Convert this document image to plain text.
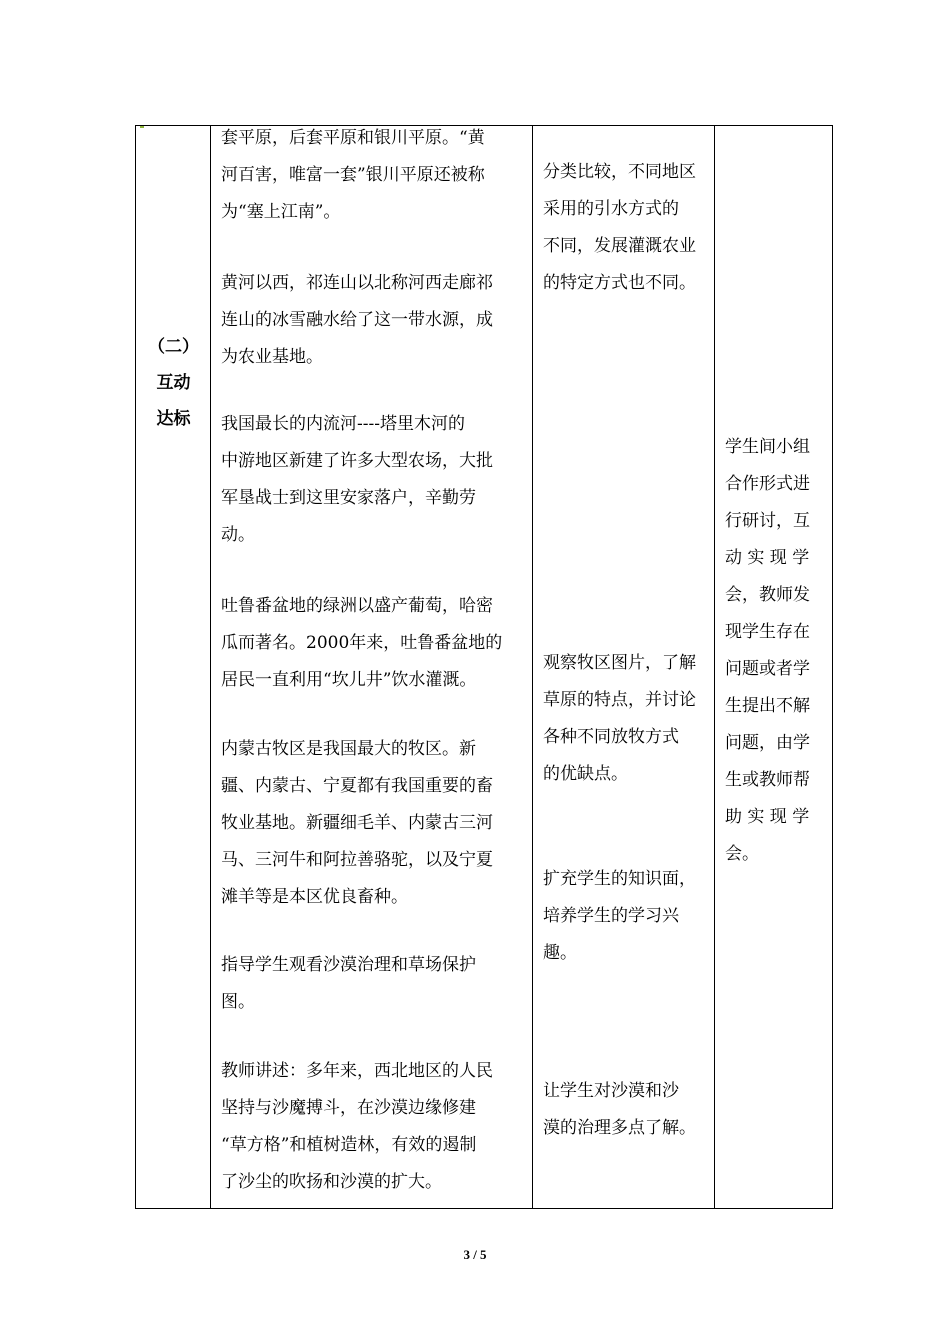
（二）
互动
达标
套平原，后套平原和银川平原。“黄
河百害，唯富一套”银川平原还被称
为“塞上江南”。
黄河以西，祁连山以北称河西走廊祁
连山的冰雪融水给了这一带水源，成
为农业基地。
我国最长的内流河----塔里木河的
中游地区新建了许多大型农场，大批
军垦战士到这里安家落户，辛勤劳
动。
吐鲁番盆地的绿洲以盛产葡萄，哈密
瓜而著名。2000年来，吐鲁番盆地的
居民一直利用“坎儿井”饮水灌溉。
内蒙古牧区是我国最大的牧区。新
疆、内蒙古、宁夏都有我国重要的畜
牧业基地。新疆细毛羊、内蒙古三河
马、三河牛和阿拉善骆驼，以及宁夏
滩羊等是本区优良畜种。
指导学生观看沙漠治理和草场保护
图。
教师讲述：多年来，西北地区的人民
坚持与沙魔搏斗，在沙漠边缘修建
“草方格”和植树造林，有效的遏制
了沙尘的吹扬和沙漠的扩大。
分类比较，不同地区
采用的引水方式的
不同，发展灌溉农业
的特定方式也不同。
观察牧区图片，了解
草原的特点，并讨论
各种不同放牧方式
的优缺点。
扩充学生的知识面，
培养学生的学习兴
趣。
让学生对沙漠和沙
漠的治理多点了解。
学生间小组
合作形式进
行研讨，互
动 实 现 学
会，教师发
现学生存在
问题或者学
生提出不解
问题，由学
生或教师帮
助 实 现 学
会。
3 / 5
